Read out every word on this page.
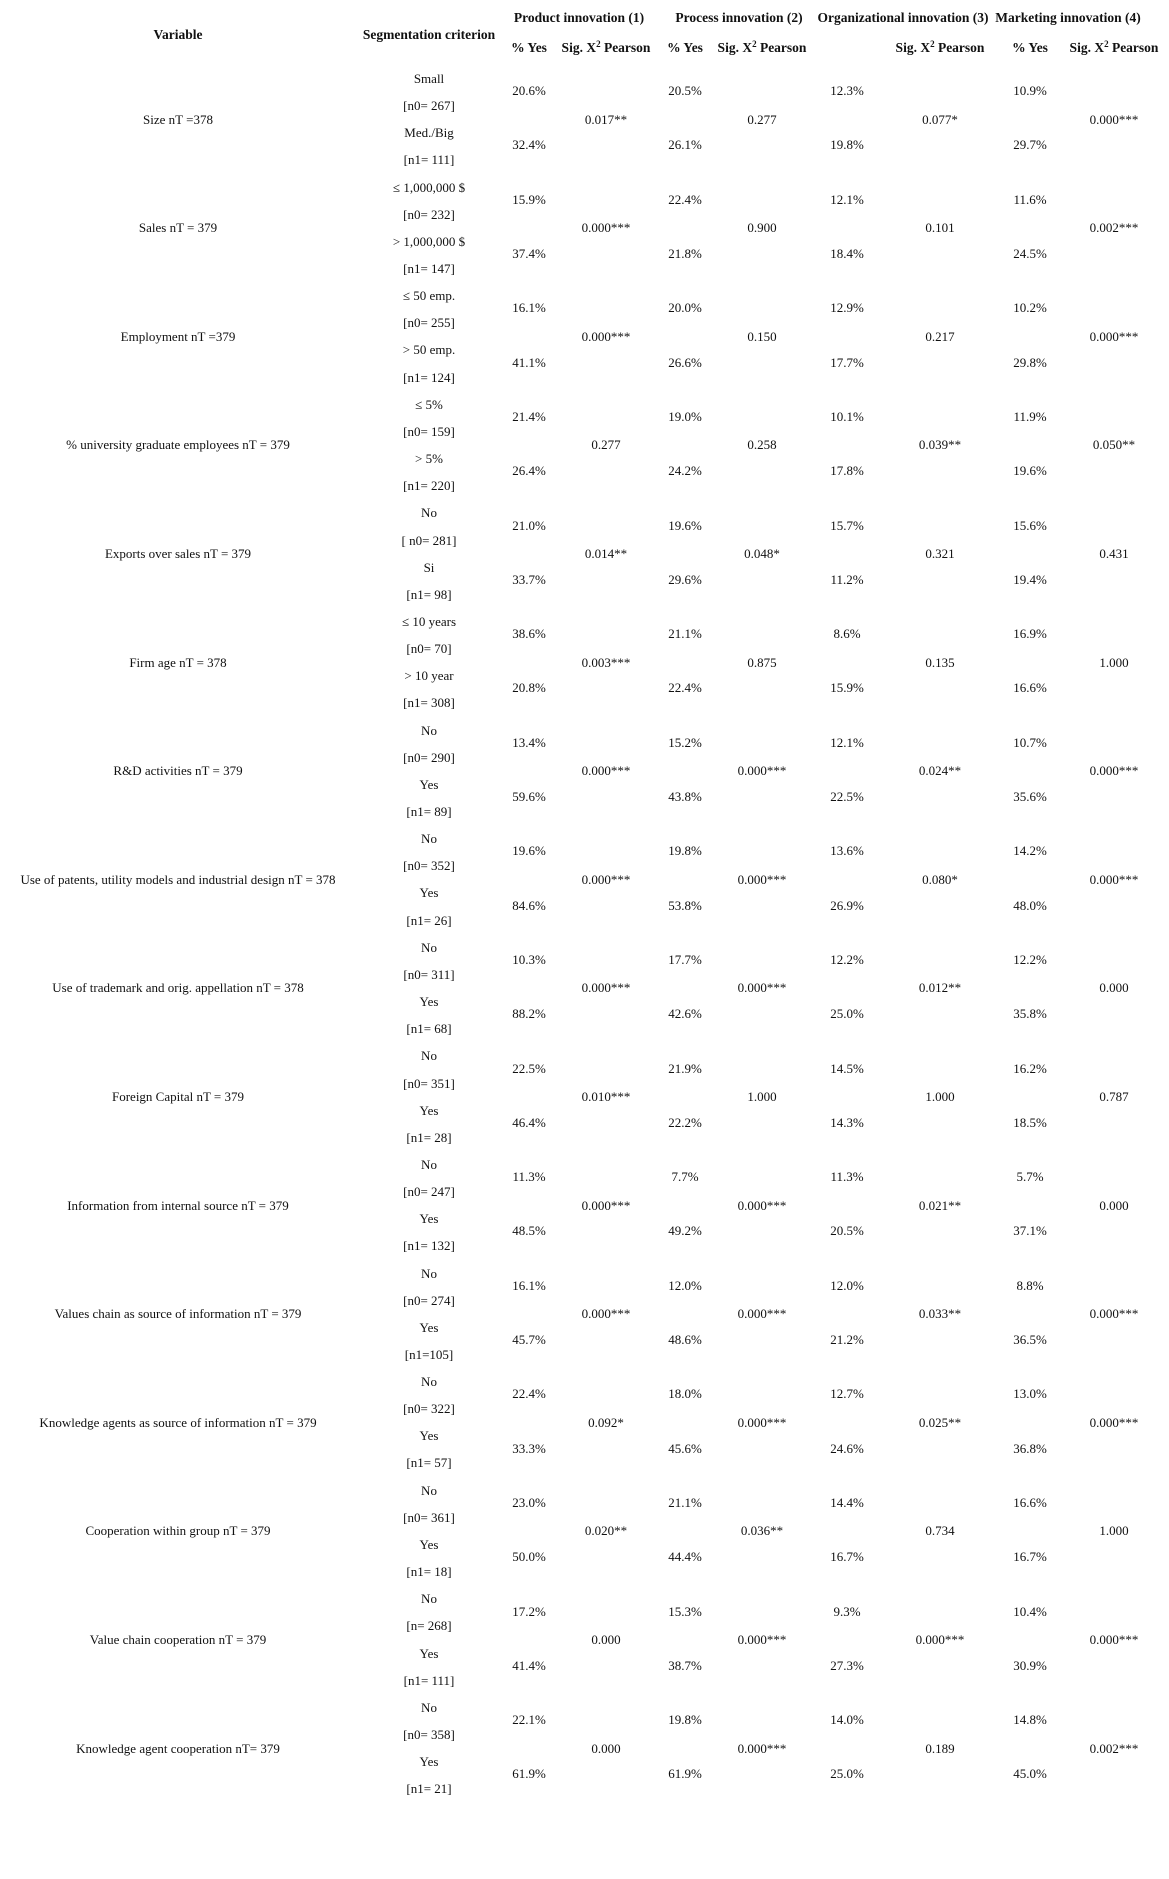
Variable	Segmentation criterion
Product innovation (1) Process innovation (2) Organizational innovation (3) Marketing innovation (4)
% Yes Sig. $X^2$ Pearson % Yes Sig. $X^2$ Pearson	Sig. $X^2$ Pearson % Yes Sig. $X^2$ Pearson
Size nT =378
Small
[n0= 267]
Med./Big
[n1= 111]
20.6%
32.4%
0.017**
20.5%
26.1%
0.277
12.3%
19.8%
0.077*
10.9%
29.7%
0.000***
Sales nT = 379
≤ 1,000,000 $
[n0= 232]
> 1,000,000 $
[n1= 147]
15.9%
37.4%
0.000***
22.4%
21.8%
0.900
12.1%
18.4%
0.101
11.6%
24.5%
0.002***
Employment nT =379
≤ 50 emp.
[n0= 255]
> 50 emp.
[n1= 124]
16.1%
41.1%
0.000***
20.0%
26.6%
0.150
12.9%
17.7%
0.217
10.2%
29.8%
0.000***
% university graduate employees nT = 379
≤ 5%
[n0= 159]
> 5%
[n1= 220]
21.4%
26.4%
0.277
19.0%
24.2%
0.258
10.1%
17.8%
0.039**
11.9%
19.6%
0.050**
Exports over sales nT = 379
No
[ n0= 281]
Si
[n1= 98]
21.0%
33.7%
0.014**
19.6%
29.6%
0.048*
15.7%
11.2%
0.321
15.6%
19.4%
0.431
Firm age nT = 378
≤ 10 years
[n0= 70]
> 10 year
[n1= 308]
38.6%
20.8%
0.003***
21.1%
22.4%
0.875
8.6%
15.9%
0.135
16.9%
16.6%
1.000
R&D activities nT = 379
No
[n0= 290]
Yes
[n1= 89]
13.4%
59.6%
0.000***
15.2%
43.8%
0.000***
12.1%
22.5%
0.024**
10.7%
35.6%
0.000***
Use of patents, utility models and industrial design nT = 378
No
[n0= 352]
Yes
[n1= 26]
19.6%
84.6%
0.000***
19.8%
53.8%
0.000***
13.6%
26.9%
0.080*
14.2%
48.0%
0.000***
Use of trademark and orig. appellation nT = 378
No
[n0= 311]
Yes
[n1= 68]
10.3%
88.2%
0.000***
17.7%
42.6%
0.000***
12.2%
25.0%
0.012**
12.2%
35.8%
0.000
Foreign Capital nT = 379
No
[n0= 351]
Yes
[n1= 28]
22.5%
46.4%
0.010***
21.9%
22.2%
1.000
14.5%
14.3%
1.000
16.2%
18.5%
0.787
Information from internal source nT = 379
No
[n0= 247]
Yes
[n1= 132]
11.3%
48.5%
0.000***
7.7%
49.2%
0.000***
11.3%
20.5%
0.021**
5.7%
37.1%
0.000
Values chain as source of information nT = 379
No
[n0= 274]
Yes
[n1=105]
16.1%
45.7%
0.000***
12.0%
48.6%
0.000***
12.0%
21.2%
0.033**
8.8%
36.5%
0.000***
Knowledge agents as source of information nT = 379
No
[n0= 322]
Yes
[n1= 57]
22.4%
33.3%
0.092*
18.0%
45.6%
0.000***
12.7%
24.6%
0.025**
13.0%
36.8%
0.000***
Cooperation within group nT = 379
No
[n0= 361]
Yes
[n1= 18]
23.0%
50.0%
0.020**
21.1%
44.4%
0.036**
14.4%
16.7%
0.734
16.6%
16.7%
1.000
Value chain cooperation nT = 379
No
[n= 268]
Yes
[n1= 111]
17.2%
41.4%
0.000
15.3%
38.7%
0.000***
9.3%
27.3%
0.000***
10.4%
30.9%
0.000***
Knowledge agent cooperation nT= 379
No
[n0= 358]
Yes
[n1= 21]
22.1%
61.9%
0.000
19.8%
61.9%
0.000***
14.0%
25.0%
0.189
14.8%
45.0%
0.002***
